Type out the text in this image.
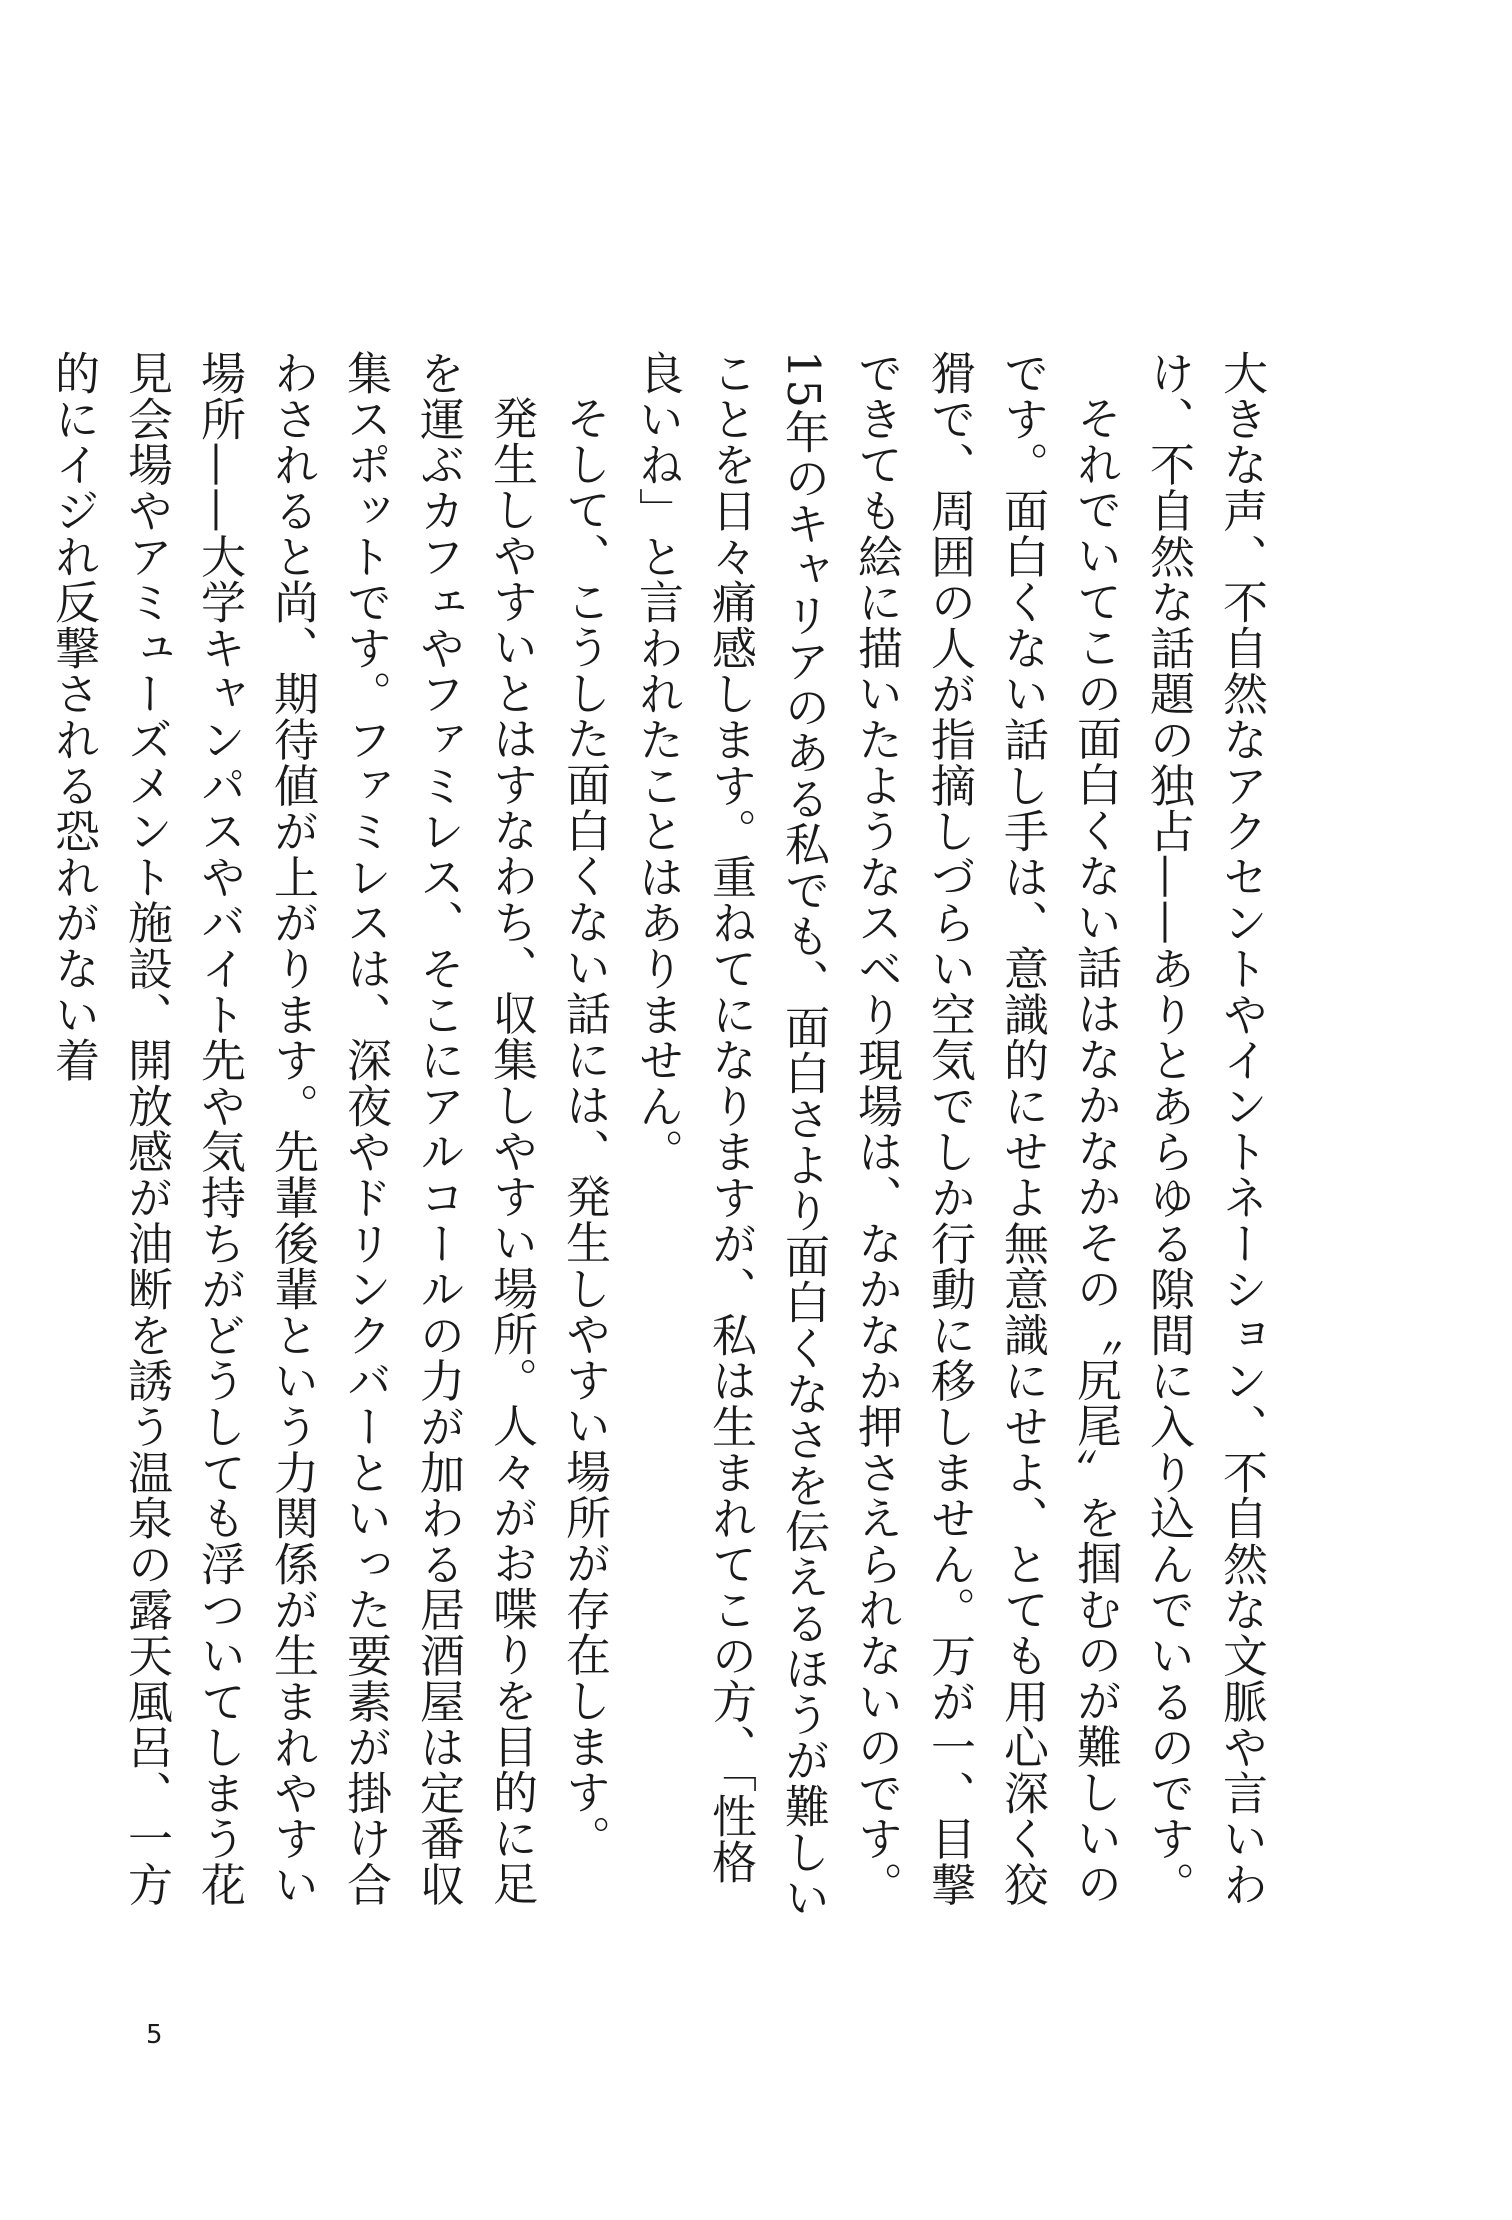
大きな声、不自然なアクセントやイントネーション、不自然な文脈や言いわけ、不自然な話題の独占——ありとあらゆる隙間に入り込んでいるのです。

それでいてこの面白くない話はなかなかその〝尻尾〟を掴むのが難しいのです。面白くない話し手は、意識的にせよ無意識にせよ、とても用心深く狡猾で、周囲の人が指摘しづらい空気でしか行動に移しません。万が一、目撃できても絵に描いたようなスベり現場は、なかなか押さえられないのです。15年のキャリアのある私でも、面白さより面白くなさを伝えるほうが難しいことを日々痛感します。重ねてになりますが、私は生まれてこの方、「性格良いね」と言われたことはありません。

そして、こうした面白くない話には、発生しやすい場所が存在します。

発生しやすいとはすなわち、収集しやすい場所。人々がお喋りを目的に足を運ぶカフェやファミレス、そこにアルコールの力が加わる居酒屋は定番収集スポットです。ファミレスは、深夜やドリンクバーといった要素が掛け合わされると尚、期待値が上がります。先輩後輩という力関係が生まれやすい場所——大学キャンパスやバイト先や気持ちがどうしても浮ついてしまう花見会場やアミューズメント施設、開放感が油断を誘う温泉の露天風呂、一方的にイジれ反撃される恐れがない着

5
